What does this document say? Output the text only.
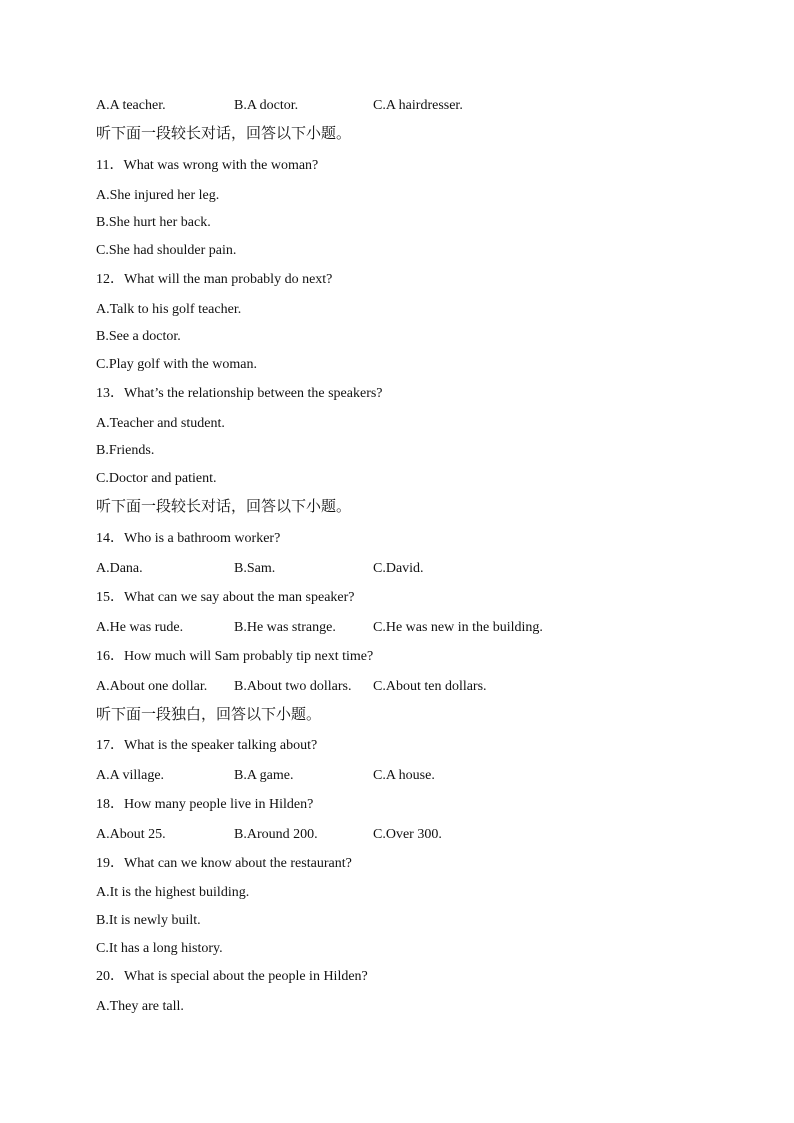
A.A teacher.	B.A doctor.	C.A hairdresser.
听下面一段较长对话，回答以下小题。
11．What was wrong with the woman?
A.She injured her leg.
B.She hurt her back.
C.She had shoulder pain.
12．What will the man probably do next?
A.Talk to his golf teacher.
B.See a doctor.
C.Play golf with the woman.
13．What’s the relationship between the speakers?
A.Teacher and student.
B.Friends.
C.Doctor and patient.
听下面一段较长对话，回答以下小题。
14．Who is a bathroom worker?
A.Dana.	B.Sam.	C.David.
15．What can we say about the man speaker?
A.He was rude.	B.He was strange.	C.He was new in the building.
16．How much will Sam probably tip next time?
A.About one dollar. B.About two dollars. C.About ten dollars.
听下面一段独白，回答以下小题。
17．What is the speaker talking about?
A.A village.	B.A game.	C.A house.
18．How many people live in Hilden?
A.About 25.	B.Around 200.	C.Over 300.
19．What can we know about the restaurant?
A.It is the highest building.
B.It is newly built.
C.It has a long history.
20．What is special about the people in Hilden?
A.They are tall.
